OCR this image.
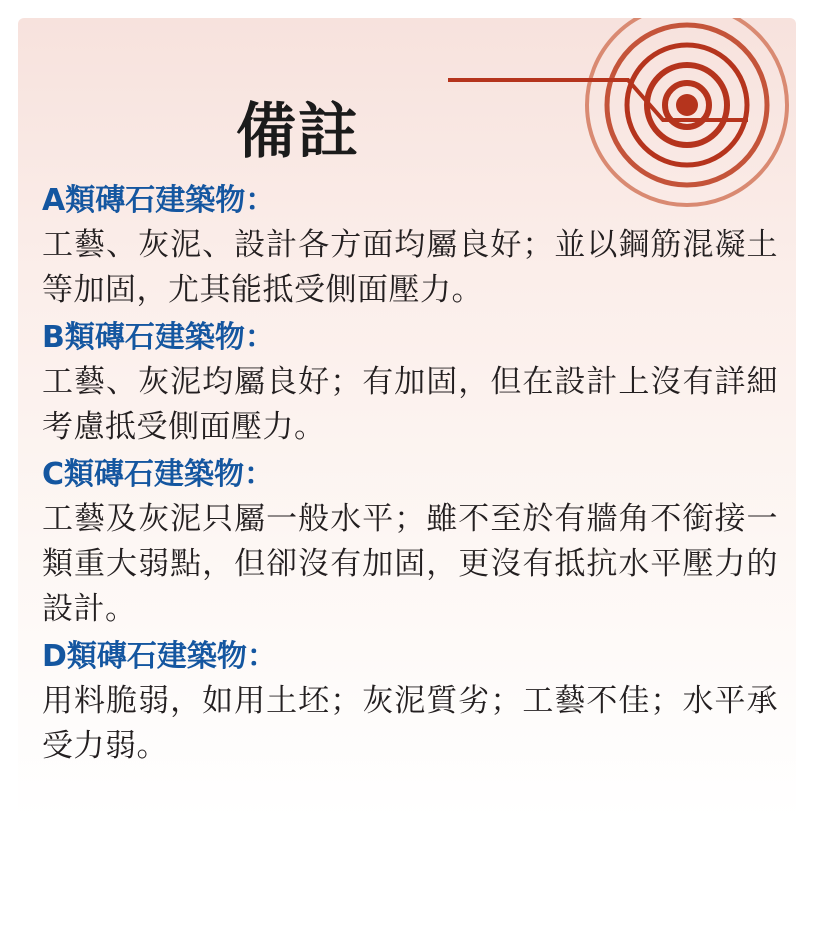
備註
A類磚石建築物：
工藝、灰泥、設計各方面均屬良好；並以鋼筋混凝土等加固，尤其能抵受側面壓力。
B類磚石建築物：
工藝、灰泥均屬良好；有加固，但在設計上沒有詳細考慮抵受側面壓力。
C類磚石建築物：
工藝及灰泥只屬一般水平；雖不至於有牆角不銜接一類重大弱點，但卻沒有加固，更沒有抵抗水平壓力的設計。
D類磚石建築物：
用料脆弱，如用土坯；灰泥質劣；工藝不佳；水平承受力弱。
